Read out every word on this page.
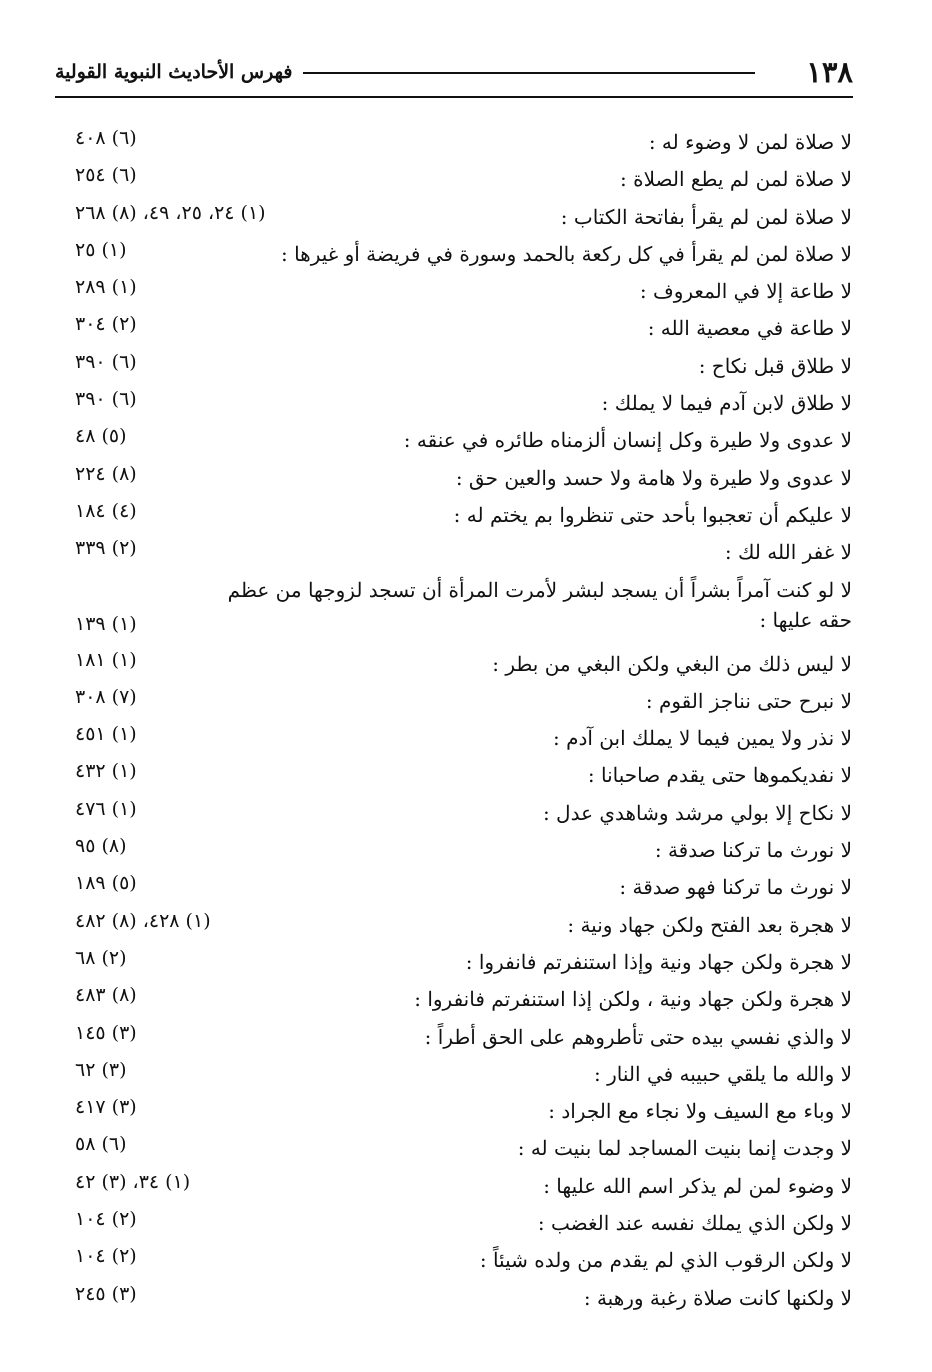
١٣٨
فهرس الأحاديث النبوية القولية
لا صلاة لمن لا وضوء له :
(٦) ٤٠٨
لا صلاة لمن لم يطع الصلاة :
(٦) ٢٥٤
لا صلاة لمن لم يقرأ بفاتحة الكتاب :
(١) ٢٤، ٢٥، ٤٩، (٨) ٢٦٨
لا صلاة لمن لم يقرأ في كل ركعة بالحمد وسورة في فريضة أو غيرها :
(١) ٢٥
لا طاعة إلا في المعروف :
(١) ٢٨٩
لا طاعة في معصية الله :
(٢) ٣٠٤
لا طلاق قبل نكاح :
(٦) ٣٩٠
لا طلاق لابن آدم فيما لا يملك :
(٦) ٣٩٠
لا عدوى ولا طيرة وكل إنسان ألزمناه طائره في عنقه :
(٥) ٤٨
لا عدوى ولا طيرة ولا هامة ولا حسد والعين حق :
(٨) ٢٢٤
لا عليكم أن تعجبوا بأحد حتى تنظروا بم يختم له :
(٤) ١٨٤
لا غفر الله لك :
(٢) ٣٣٩
لا لو كنت آمراً بشراً أن يسجد لبشر لأمرت المرأة أن تسجد لزوجها من عظم حقه عليها :
(١) ١٣٩
لا ليس ذلك من البغي ولكن البغي من بطر :
(١) ١٨١
لا نبرح حتى نناجز القوم :
(٧) ٣٠٨
لا نذر ولا يمين فيما لا يملك ابن آدم :
(١) ٤٥١
لا نفديكموها حتى يقدم صاحبانا :
(١) ٤٣٢
لا نكاح إلا بولي مرشد وشاهدي عدل :
(١) ٤٧٦
لا نورث ما تركنا صدقة :
(٨) ٩٥
لا نورث ما تركنا فهو صدقة :
(٥) ١٨٩
لا هجرة بعد الفتح ولكن جهاد ونية :
(١) ٤٢٨، (٨) ٤٨٢
لا هجرة ولكن جهاد ونية وإذا استنفرتم فانفروا :
(٢) ٦٨
لا هجرة ولكن جهاد ونية ، ولكن إذا استنفرتم فانفروا :
(٨) ٤٨٣
لا والذي نفسي بيده حتى تأطروهم على الحق أطراً :
(٣) ١٤٥
لا والله ما يلقي حبيبه في النار :
(٣) ٦٢
لا وباء مع السيف ولا نجاء مع الجراد :
(٣) ٤١٧
لا وجدت إنما بنيت المساجد لما بنيت له :
(٦) ٥٨
لا وضوء لمن لم يذكر اسم الله عليها :
(١) ٣٤، (٣) ٤٢
لا ولكن الذي يملك نفسه عند الغضب :
(٢) ١٠٤
لا ولكن الرقوب الذي لم يقدم من ولده شيئاً :
(٢) ١٠٤
لا ولكنها كانت صلاة رغبة ورهبة :
(٣) ٢٤٥
